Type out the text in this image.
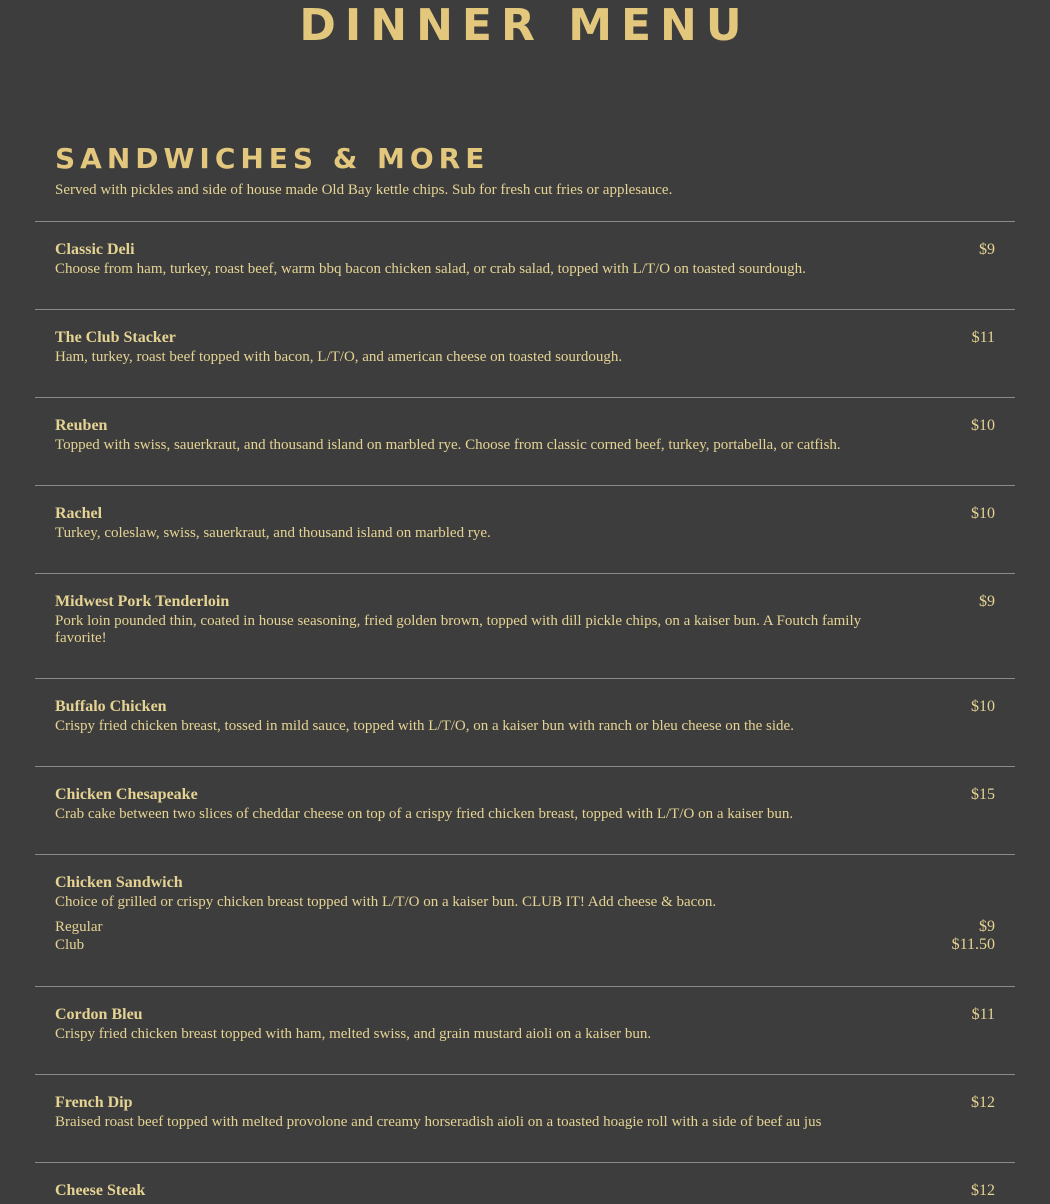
DINNER MENU
SANDWICHES & MORE

Served with pickles and side of house made Old Bay kettle chips. Sub for fresh cut fries or applesauce.

Classic Deli

Choose from ham, turkey, roast beef, warm bbq bacon chicken salad, or crab salad, topped with L/T/O on toasted sourdough.

$9

The Club Stacker

Ham, turkey, roast beef topped with bacon, L/T/O, and american cheese on toasted sourdough.

$11

Reuben

Topped with swiss, sauerkraut, and thousand island on marbled rye. Choose from classic corned beef, turkey, portabella, or catfish.

$10

Rachel

Turkey, coleslaw, swiss, sauerkraut, and thousand island on marbled rye.

$10

Midwest Pork Tenderloin

Pork loin pounded thin, coated in house seasoning, fried golden brown, topped with dill pickle chips, on a kaiser bun. A Foutch family favorite!

$9

Buffalo Chicken

Crispy fried chicken breast, tossed in mild sauce, topped with L/T/O, on a kaiser bun with ranch or bleu cheese on the side.

$10

Chicken Chesapeake

Crab cake between two slices of cheddar cheese on top of a crispy fried chicken breast, topped with L/T/O on a kaiser bun.

$15

Chicken Sandwich

Choice of grilled or crispy chicken breast topped with L/T/O on a kaiser bun. CLUB IT! Add cheese & bacon.

Regular	$9
Club	$11.50

Cordon Bleu

Crispy fried chicken breast topped with ham, melted swiss, and grain mustard aioli on a kaiser bun.

$11

French Dip

Braised roast beef topped with melted provolone and creamy horseradish aioli on a toasted hoagie roll with a side of beef au jus

$12

Cheese Steak	$12
